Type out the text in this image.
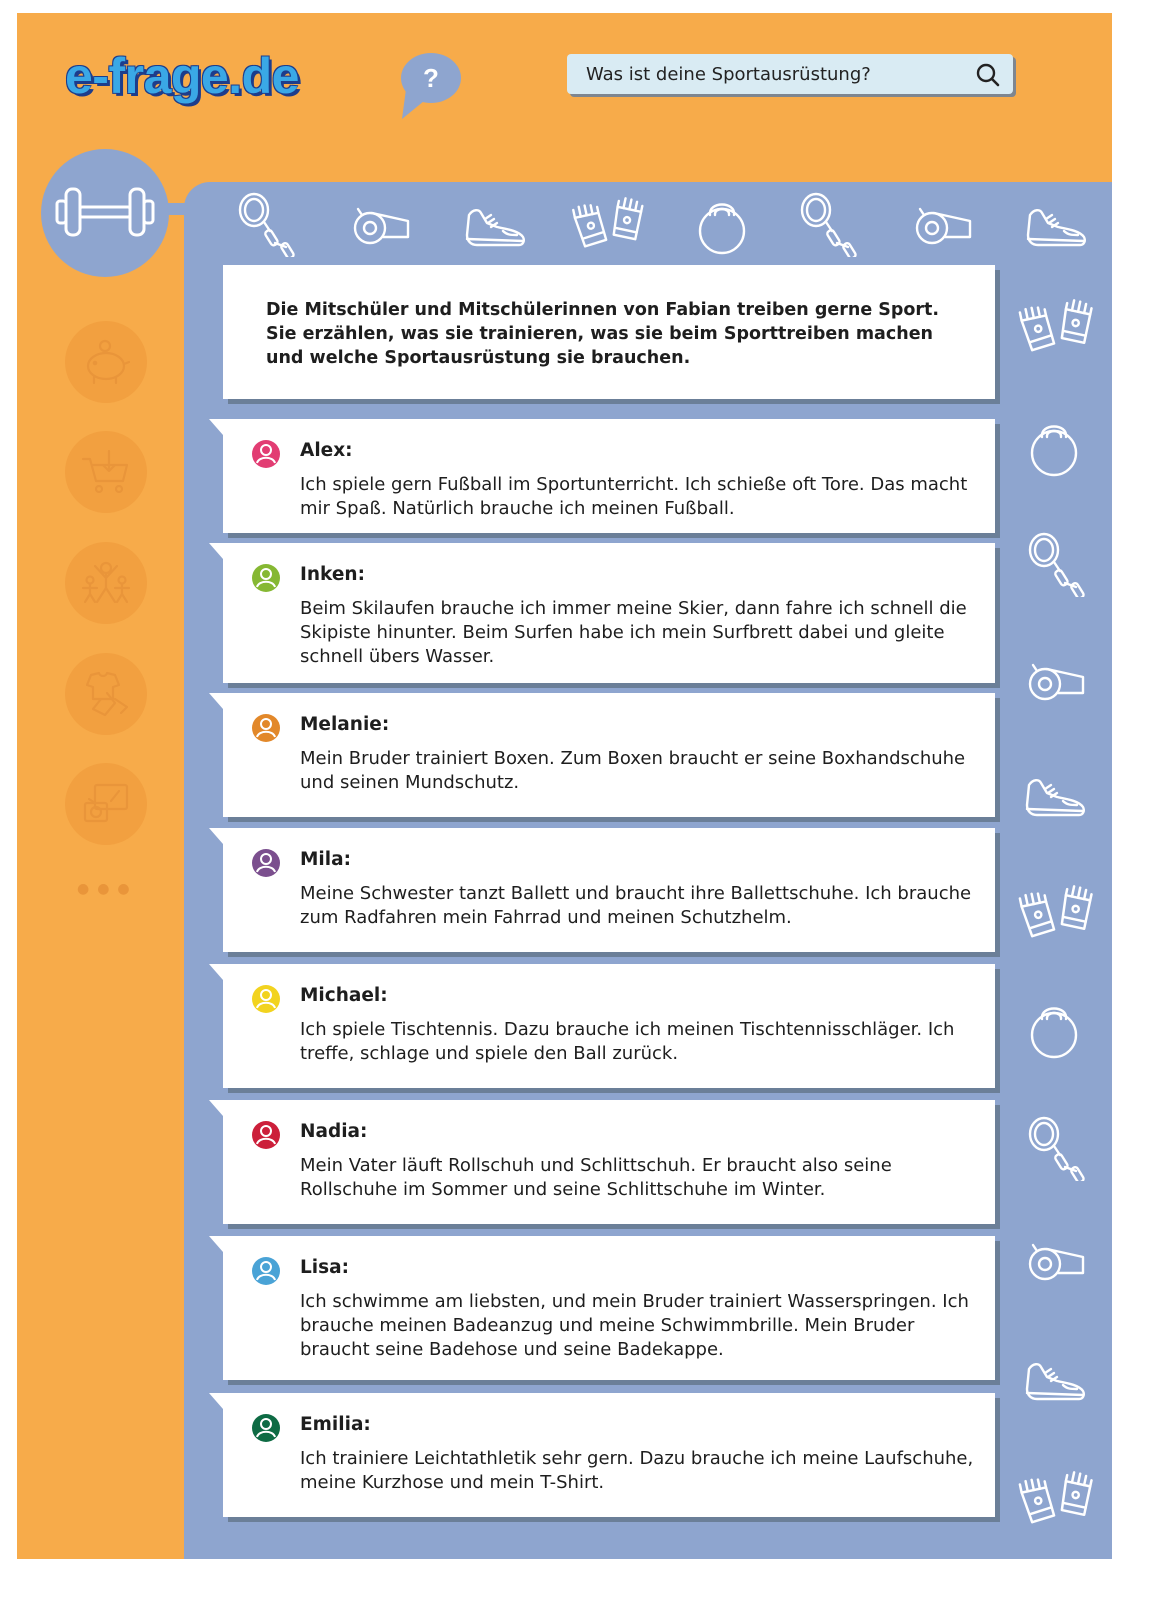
e-frage.de	?	Was ist deine Sportausrüstung?
●●●
Die Mitschüler und Mitschülerinnen von Fabian treiben gerne Sport. Sie erzählen, was sie trainieren, was sie beim Sporttreiben machen und welche Sportausrüstung sie brauchen.
Alex:
Ich spiele gern Fußball im Sportunterricht. Ich schieße oft Tore. Das macht mir Spaß. Natürlich brauche ich meinen Fußball.
Inken:
Beim Skilaufen brauche ich immer meine Skier, dann fahre ich schnell die Skipiste hinunter. Beim Surfen habe ich mein Surfbrett dabei und gleite schnell übers Wasser.
Melanie:
Mein Bruder trainiert Boxen. Zum Boxen braucht er seine Boxhandschuhe und seinen Mundschutz.
Mila:
Meine Schwester tanzt Ballett und braucht ihre Ballettschuhe. Ich brauche zum Radfahren mein Fahrrad und meinen Schutzhelm.
Michael:
Ich spiele Tischtennis. Dazu brauche ich meinen Tischtennisschläger. Ich treffe, schlage und spiele den Ball zurück.
Nadia:
Mein Vater läuft Rollschuh und Schlittschuh. Er braucht also seine Rollschuhe im Sommer und seine Schlittschuhe im Winter.
Lisa:
Ich schwimme am liebsten, und mein Bruder trainiert Wasserspringen. Ich brauche meinen Badeanzug und meine Schwimmbrille. Mein Bruder braucht seine Badehose und seine Badekappe.
Emilia:
Ich trainiere Leichtathletik sehr gern. Dazu brauche ich meine Laufschuhe, meine Kurzhose und mein T-Shirt.
